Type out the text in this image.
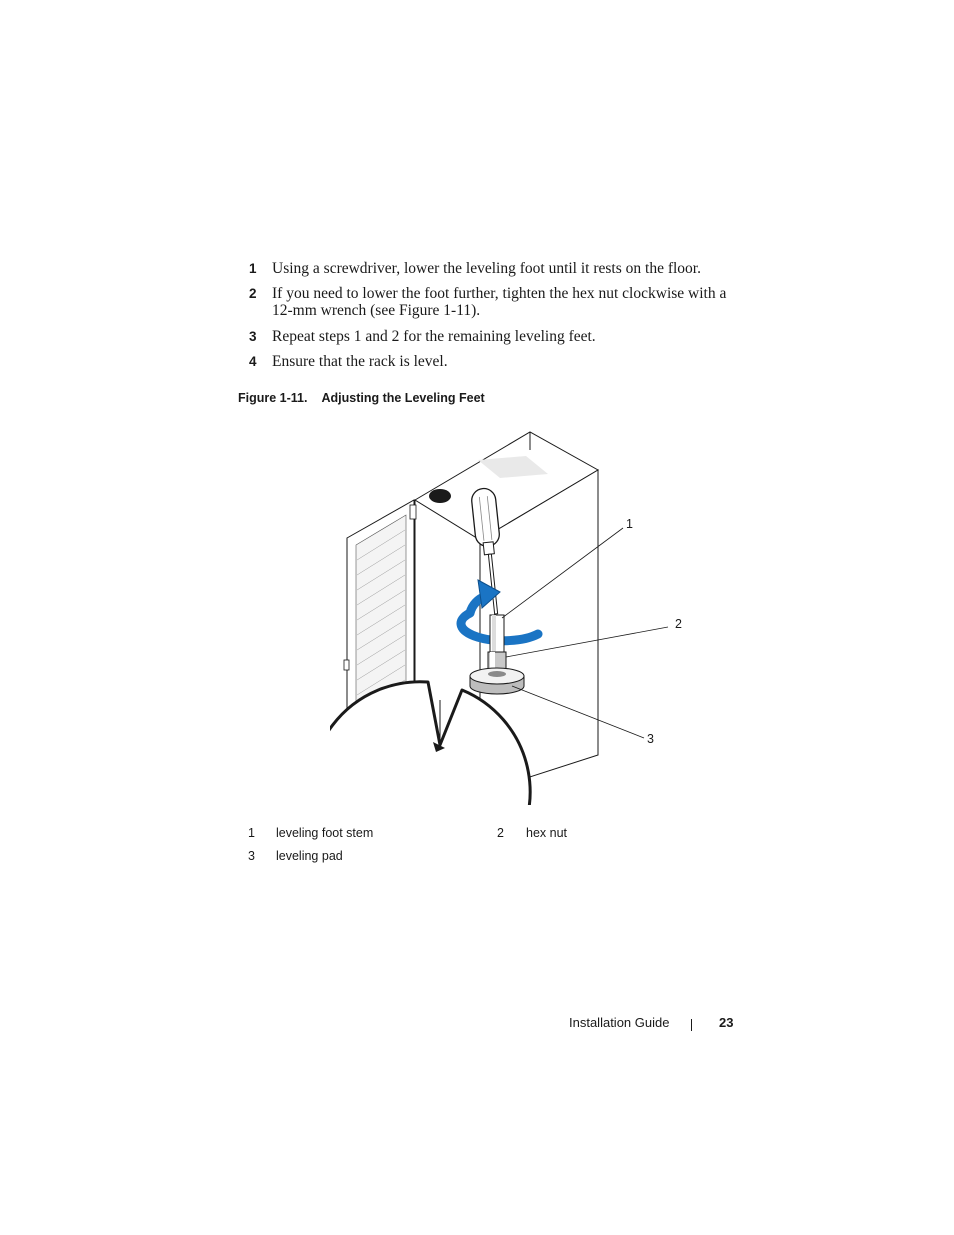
1 Using a screwdriver, lower the leveling foot until it rests on the floor.
2 If you need to lower the foot further, tighten the hex nut clockwise with a 12-mm wrench (see Figure 1-11).
3 Repeat steps 1 and 2 for the remaining leveling feet.
4 Ensure that the rack is level.
Figure 1-11. Adjusting the Leveling Feet
1
2
3
1 leveling foot stem	2 hex nut
3 leveling pad
Installation Guide	23
